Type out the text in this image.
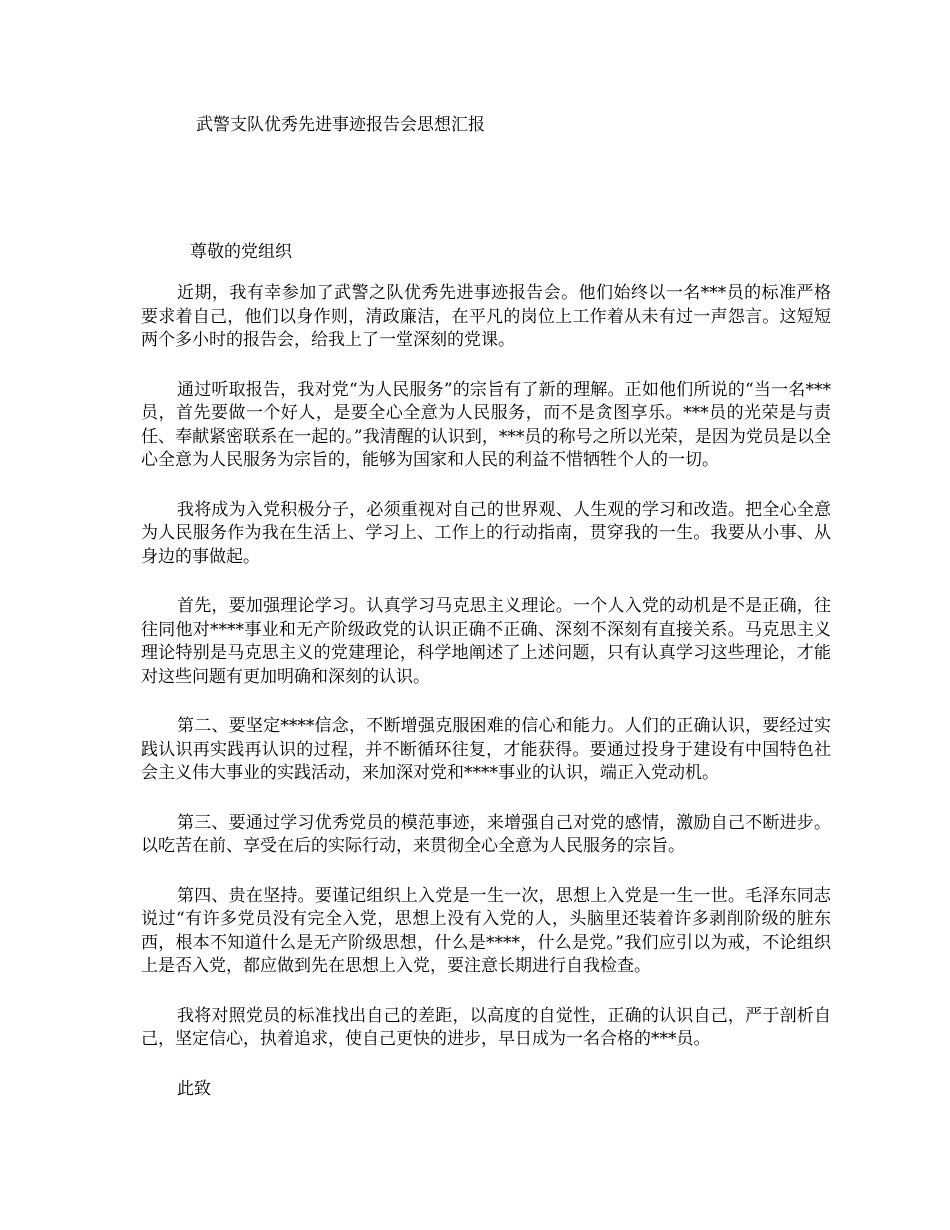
武警支队优秀先进事迹报告会思想汇报
尊敬的党组织

近期，我有幸参加了武警之队优秀先进事迹报告会。他们始终以一名***员的标准严格要求着自己，他们以身作则，清政廉洁，在平凡的岗位上工作着从未有过一声怨言。这短短两个多小时的报告会，给我上了一堂深刻的党课。

通过听取报告，我对党“为人民服务”的宗旨有了新的理解。正如他们所说的“当一名***员，首先要做一个好人，是要全心全意为人民服务，而不是贪图享乐。***员的光荣是与责任、奉献紧密联系在一起的。”我清醒的认识到，***员的称号之所以光荣，是因为党员是以全心全意为人民服务为宗旨的，能够为国家和人民的利益不惜牺牲个人的一切。

我将成为入党积极分子，必须重视对自己的世界观、人生观的学习和改造。把全心全意为人民服务作为我在生活上、学习上、工作上的行动指南，贯穿我的一生。我要从小事、从身边的事做起。

首先，要加强理论学习。认真学习马克思主义理论。一个人入党的动机是不是正确，往往同他对****事业和无产阶级政党的认识正确不正确、深刻不深刻有直接关系。马克思主义理论特别是马克思主义的党建理论，科学地阐述了上述问题，只有认真学习这些理论，才能对这些问题有更加明确和深刻的认识。

第二、要坚定****信念，不断增强克服困难的信心和能力。人们的正确认识，要经过实践认识再实践再认识的过程，并不断循环往复，才能获得。要通过投身于建设有中国特色社会主义伟大事业的实践活动，来加深对党和****事业的认识，端正入党动机。

第三、要通过学习优秀党员的模范事迹，来增强自己对党的感情，激励自己不断进步。以吃苦在前、享受在后的实际行动，来贯彻全心全意为人民服务的宗旨。

第四、贵在坚持。要谨记组织上入党是一生一次，思想上入党是一生一世。毛泽东同志说过“有许多党员没有完全入党，思想上没有入党的人，头脑里还装着许多剥削阶级的脏东西，根本不知道什么是无产阶级思想，什么是****，什么是党。”我们应引以为戒，不论组织上是否入党，都应做到先在思想上入党，要注意长期进行自我检查。

我将对照党员的标准找出自己的差距，以高度的自觉性，正确的认识自己，严于剖析自己，坚定信心，执着追求，使自己更快的进步，早日成为一名合格的***员。

此致
